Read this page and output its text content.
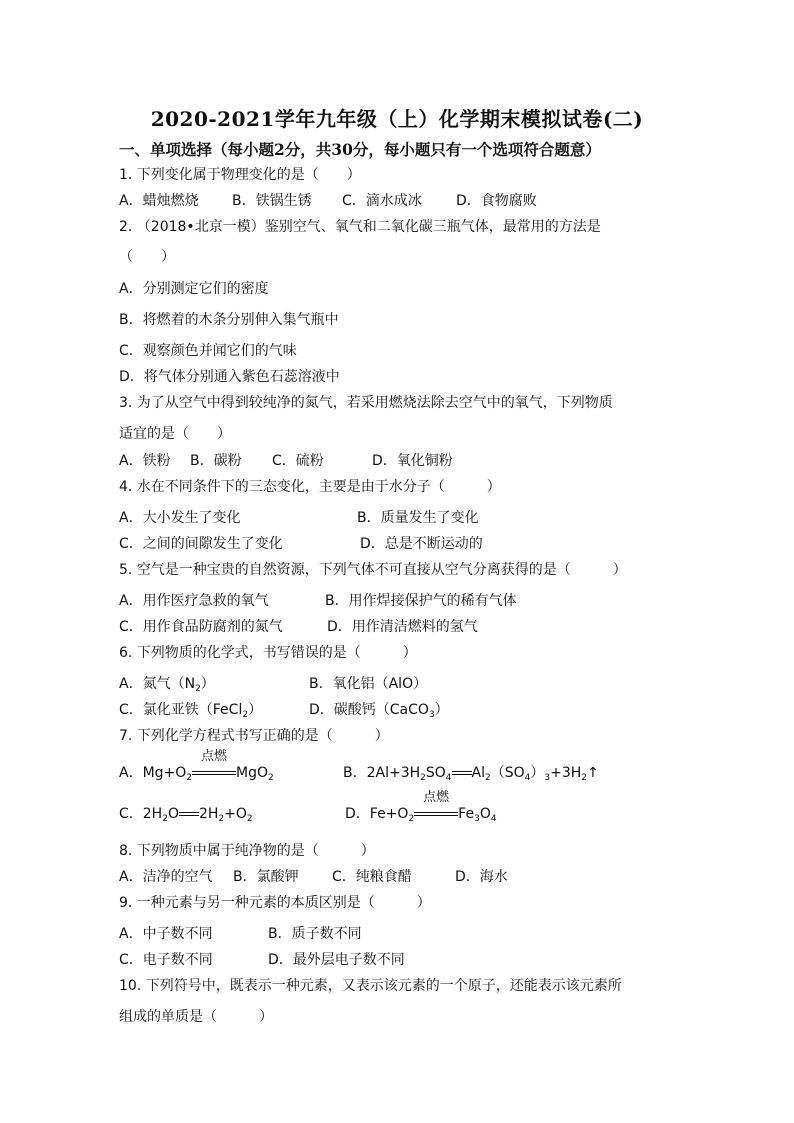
2020-2021学年九年级（上）化学期末模拟试卷(二)
一、单项选择（每小题2分，共30分，每小题只有一个选项符合题意）
1. 下列变化属于物理变化的是（　　）
A．蜡烛燃烧 B．铁锅生锈 C．滴水成冰 D．食物腐败
2. （2018•北京一模）鉴别空气、氧气和二氧化碳三瓶气体，最常用的方法是
（　　）
A．分别测定它们的密度
B．将燃着的木条分别伸入集气瓶中
C．观察颜色并闻它们的气味
D．将气体分别通入紫色石蕊溶液中
3. 为了从空气中得到较纯净的氮气，若采用燃烧法除去空气中的氧气，下列物质
适宜的是（　　）
A．铁粉 B．碳粉 C．硫粉	D．氧化铜粉
4. 水在不同条件下的三态变化，主要是由于水分子（　　　）
A．大小发生了变化	B．质量发生了变化
C．之间的间隙发生了变化	D．总是不断运动的
5. 空气是一种宝贵的自然资源，下列气体不可直接从空气分离获得的是（　　　）
A．用作医疗急救的氧气	B．用作焊接保护气的稀有气体
C．用作食品防腐剂的氮气	D．用作清洁燃料的氢气
6. 下列物质的化学式，书写错误的是（　　　）
A．氮气$(N_2)$	B．氧化铝（AlO）
C．氯化亚铁（FeCl$_2$）	D．碳酸钙（CaCO$_3$）
7. 下列化学方程式书写正确的是（　　　）
A．$Mg+O_2$
点燃
MgO$_2$	B．$2Al+3H_2SO_4$ $Al_2(SO_4)_3+3H_2↑$
C．$2H_2O$ $2H_2+O_2$	D．$Fe+O_2$
点燃
$Fe_3O_4$
8. 下列物质中属于纯净物的是（　　　）
A．洁净的空气 B．氯酸钾 C．纯粮食醋	D．海水
9. 一种元素与另一种元素的本质区别是（　　　）
A．中子数不同	B．质子数不同
C．电子数不同	D．最外层电子数不同
10. 下列符号中，既表示一种元素，又表示该元素的一个原子，还能表示该元素所
组成的单质是（　　　）
